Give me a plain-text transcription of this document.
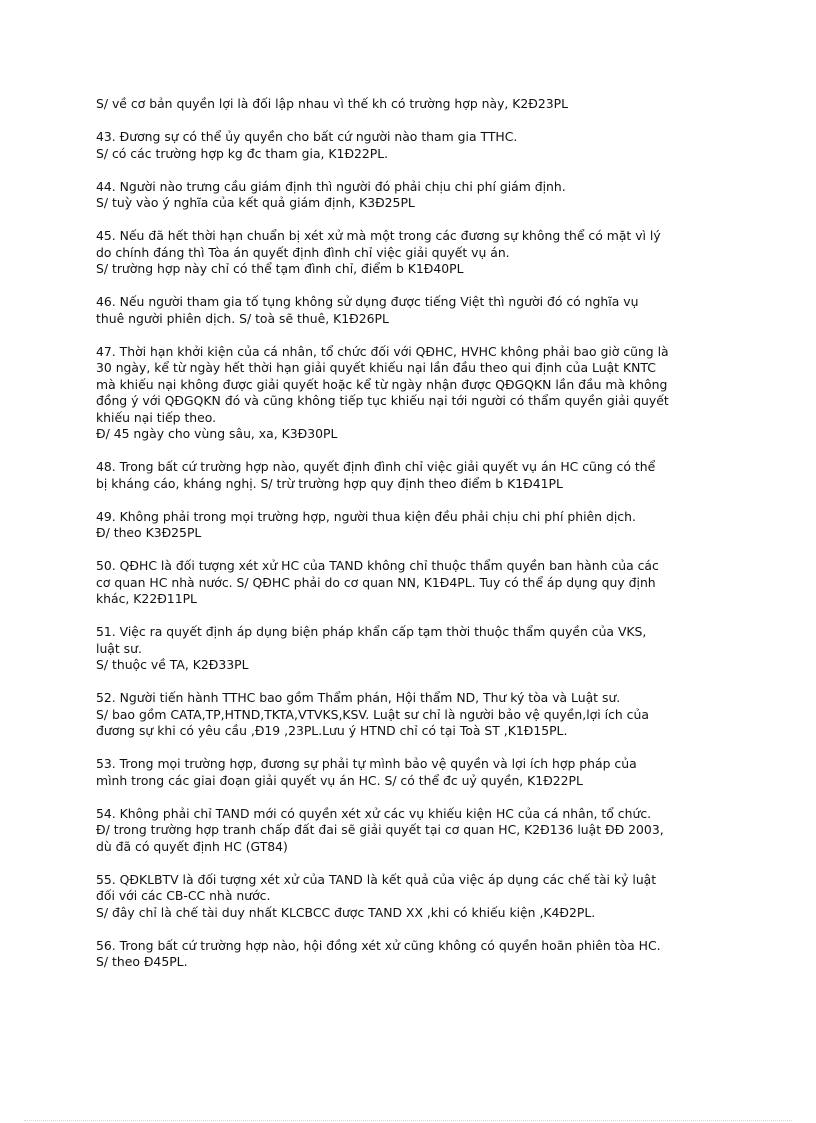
S/ về cơ bản quyền lợi là đối lập nhau vì thế kh có trường hợp này, K2Đ23PL
43. Đương sự có thể ủy quyền cho bất cứ người nào tham gia TTHC.
S/ có các trường hợp kg đc tham gia, K1Đ22PL.
44. Người nào trưng cầu giám định thì người đó phải chịu chi phí giám định.
S/ tuỳ vào ý nghĩa của kết quả giám định, K3Đ25PL
45. Nếu đã hết thời hạn chuẩn bị xét xử mà một trong các đương sự không thể có mặt vì lý
do chính đáng thì Tòa án quyết định đình chỉ việc giải quyết vụ án.
S/ trường hợp này chỉ có thể tạm đình chỉ, điểm b K1Đ40PL
46. Nếu người tham gia tố tụng không sử dụng được tiếng Việt thì người đó có nghĩa vụ
thuê người phiên dịch. S/ toà sẽ thuê, K1Đ26PL
47. Thời hạn khởi kiện của cá nhân, tổ chức đối với QĐHC, HVHC không phải bao giờ cũng là
30 ngày, kể từ ngày hết thời hạn giải quyết khiếu nại lần đầu theo qui định của Luật KNTC
mà khiếu nại không được giải quyết hoặc kể từ ngày nhận được QĐGQKN lần đầu mà không
đồng ý với QĐGQKN đó và cũng không tiếp tục khiếu nại tới người có thẩm quyền giải quyết
khiếu nại tiếp theo.
Đ/ 45 ngày cho vùng sâu, xa, K3Đ30PL
48. Trong bất cứ trường hợp nào, quyết định đình chỉ việc giải quyết vụ án HC cũng có thể
bị kháng cáo, kháng nghị. S/ trừ trường hợp quy định theo điểm b K1Đ41PL
49. Không phải trong mọi trường hợp, người thua kiện đều phải chịu chi phí phiên dịch.
Đ/ theo K3Đ25PL
50. QĐHC là đối tượng xét xử HC của TAND không chỉ thuộc thẩm quyền ban hành của các
cơ quan HC nhà nước. S/ QĐHC phải do cơ quan NN, K1Đ4PL. Tuy có thể áp dụng quy định
khác, K22Đ11PL
51. Việc ra quyết định áp dụng biện pháp khẩn cấp tạm thời thuộc thẩm quyền của VKS,
luật sư.
S/ thuộc về TA, K2Đ33PL
52. Người tiến hành TTHC bao gồm Thẩm phán, Hội thẩm ND, Thư ký tòa và Luật sư.
S/ bao gồm CATA,TP,HTND,TKTA,VTVKS,KSV. Luật sư chỉ là người bảo vệ quyền,lợi ích của
đương sự khi có yêu cầu ,Đ19 ,23PL.Lưu ý HTND chỉ có tại Toà ST ,K1Đ15PL.
53. Trong mọi trường hợp, đương sự phải tự mình bảo vệ quyền và lợi ích hợp pháp của
mình trong các giai đoạn giải quyết vụ án HC. S/ có thể đc uỷ quyền, K1Đ22PL
54. Không phải chỉ TAND mới có quyền xét xử các vụ khiếu kiện HC của cá nhân, tổ chức.
Đ/ trong trường hợp tranh chấp đất đai sẽ giải quyết tại cơ quan HC, K2Đ136 luật ĐĐ 2003,
dù đã có quyết định HC (GT84)
55. QĐKLBTV là đối tượng xét xử của TAND là kết quả của việc áp dụng các chế tài kỷ luật
đối với các CB-CC nhà nước.
S/ đây chỉ là chế tài duy nhất KLCBCC được TAND XX ,khi có khiếu kiện ,K4Đ2PL.
56. Trong bất cứ trường hợp nào, hội đồng xét xử cũng không có quyền hoãn phiên tòa HC.
S/ theo Đ45PL.
